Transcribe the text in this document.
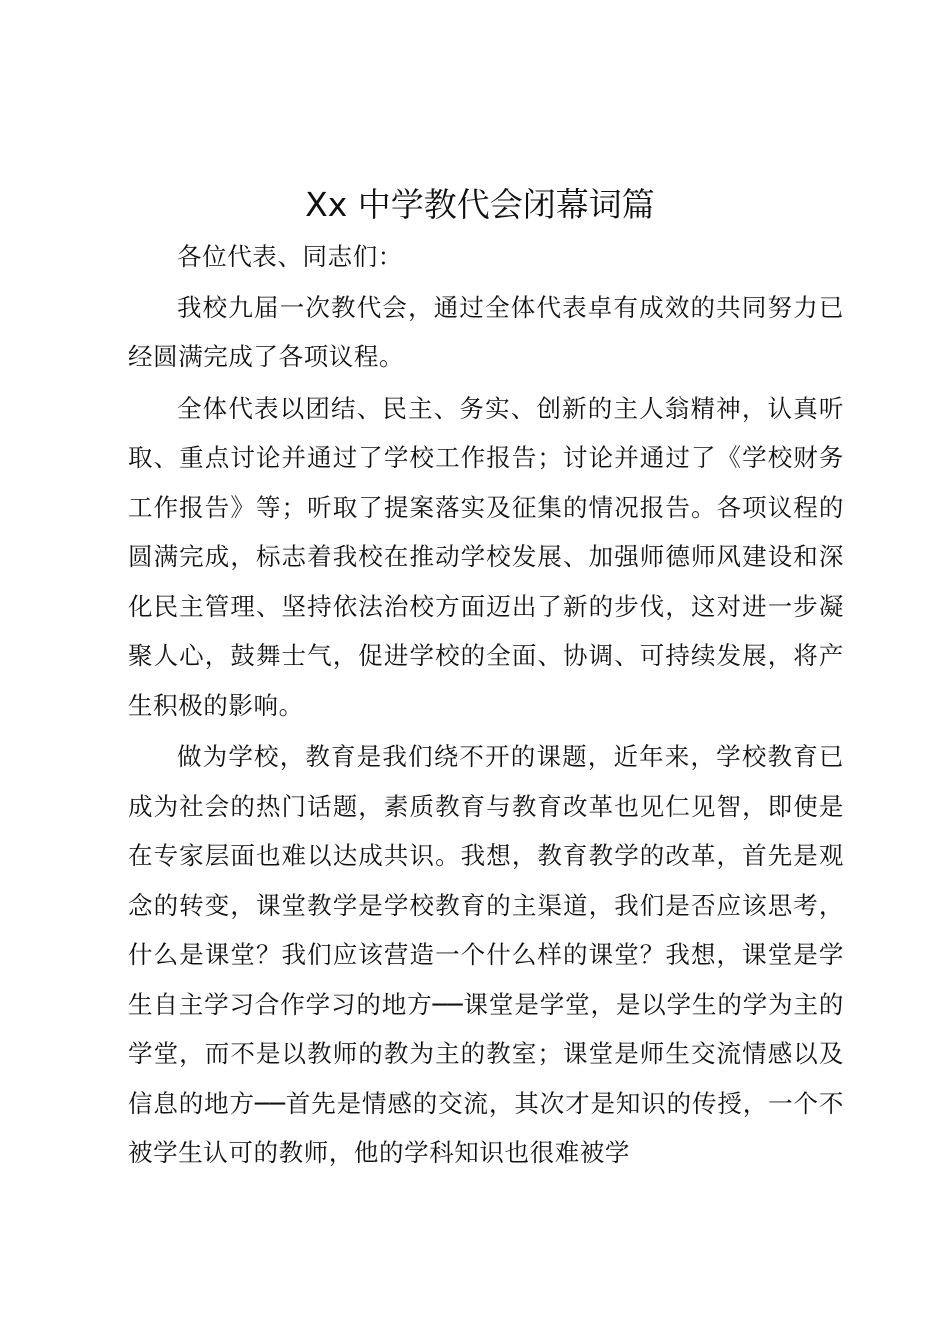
Xx 中学教代会闭幕词篇

各位代表、同志们：

我校九届一次教代会，通过全体代表卓有成效的共同努力已经圆满完成了各项议程。

全体代表以团结、民主、务实、创新的主人翁精神，认真听取、重点讨论并通过了学校工作报告；讨论并通过了《学校财务工作报告》等；听取了提案落实及征集的情况报告。各项议程的圆满完成，标志着我校在推动学校发展、加强师德师风建设和深化民主管理、坚持依法治校方面迈出了新的步伐，这对进一步凝聚人心，鼓舞士气，促进学校的全面、协调、可持续发展，将产生积极的影响。

做为学校，教育是我们绕不开的课题，近年来，学校教育已成为社会的热门话题，素质教育与教育改革也见仁见智，即使是在专家层面也难以达成共识。我想，教育教学的改革，首先是观念的转变，课堂教学是学校教育的主渠道，我们是否应该思考，什么是课堂？我们应该营造一个什么样的课堂？我想，课堂是学生自主学习合作学习的地方──课堂是学堂，是以学生的学为主的学堂，而不是以教师的教为主的教室；课堂是师生交流情感以及信息的地方──首先是情感的交流，其次才是知识的传授，一个不被学生认可的教师，他的学科知识也很难被学
